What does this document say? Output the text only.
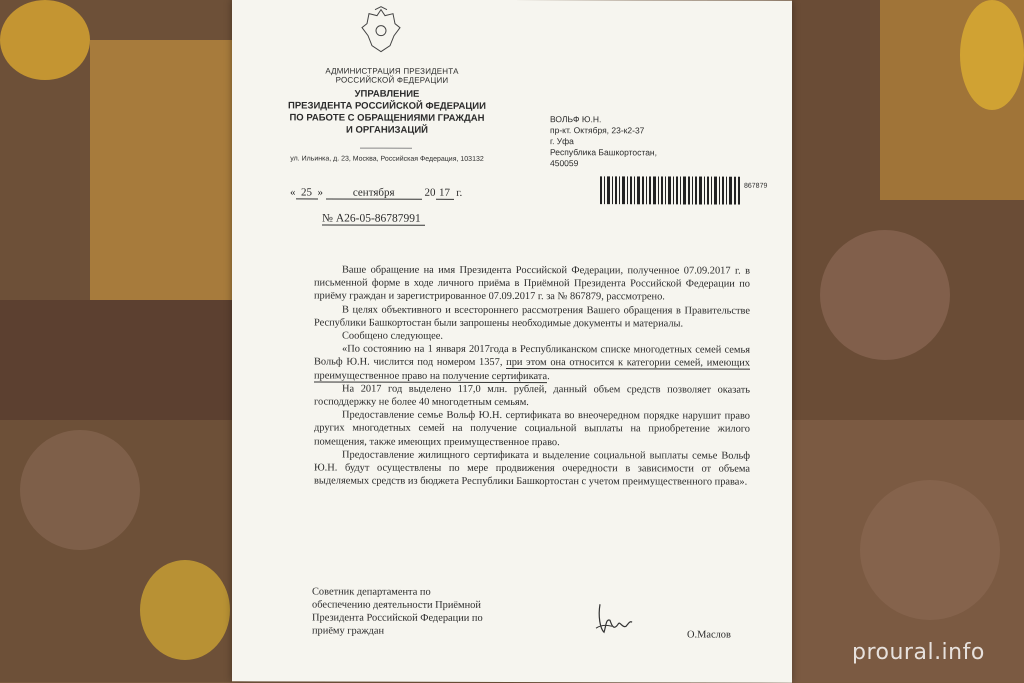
АДМИНИСТРАЦИЯ ПРЕЗИДЕНТА
РОССИЙСКОЙ ФЕДЕРАЦИИ
УПРАВЛЕНИЕ
ПРЕЗИДЕНТА РОССИЙСКОЙ ФЕДЕРАЦИИ
ПО РАБОТЕ С ОБРАЩЕНИЯМИ ГРАЖДАН
И ОРГАНИЗАЦИЙ
ул. Ильинка, д. 23, Москва, Российская Федерация, 103132
« 25 »	сентября	20 17 г.
№ А26-05-86787991
ВОЛЬФ Ю.Н.
пр-кт. Октября, 23-к2-37
г. Уфа
Республика Башкортостан,
450059
867879

Ваше обращение на имя Президента Российской Федерации, полученное 07.09.2017 г. в письменной форме в ходе личного приёма в Приёмной Президента Российской Федерации по приёму граждан и зарегистрированное 07.09.2017 г. за № 867879, рассмотрено.

В целях объективного и всестороннего рассмотрения Вашего обращения в Правительстве Республики Башкортостан были запрошены необходимые документы и материалы.

Сообщено следующее.

«По состоянию на 1 января 2017года в Республиканском списке многодетных семей семья Вольф Ю.Н. числится под номером 1357, при этом она относится к категории семей, имеющих преимущественное право на получение сертификата.

На 2017 год выделено 117,0 млн. рублей, данный объем средств позволяет оказать господдержку не более 40 многодетным семьям.

Предоставление семье Вольф Ю.Н. сертификата во внеочередном порядке нарушит право других многодетных семей на получение социальной выплаты на приобретение жилого помещения, также имеющих преимущественное право.

Предоставление жилищного сертификата и выделение социальной выплаты семье Вольф Ю.Н. будут осуществлены по мере продвижения очередности в зависимости от объема выделяемых средств из бюджета Республики Башкортостан с учетом преимущественного права».

Советник департамента по
обеспечению деятельности Приёмной
Президента Российской Федерации по
приёму граждан	О.Маслов
proural.info
